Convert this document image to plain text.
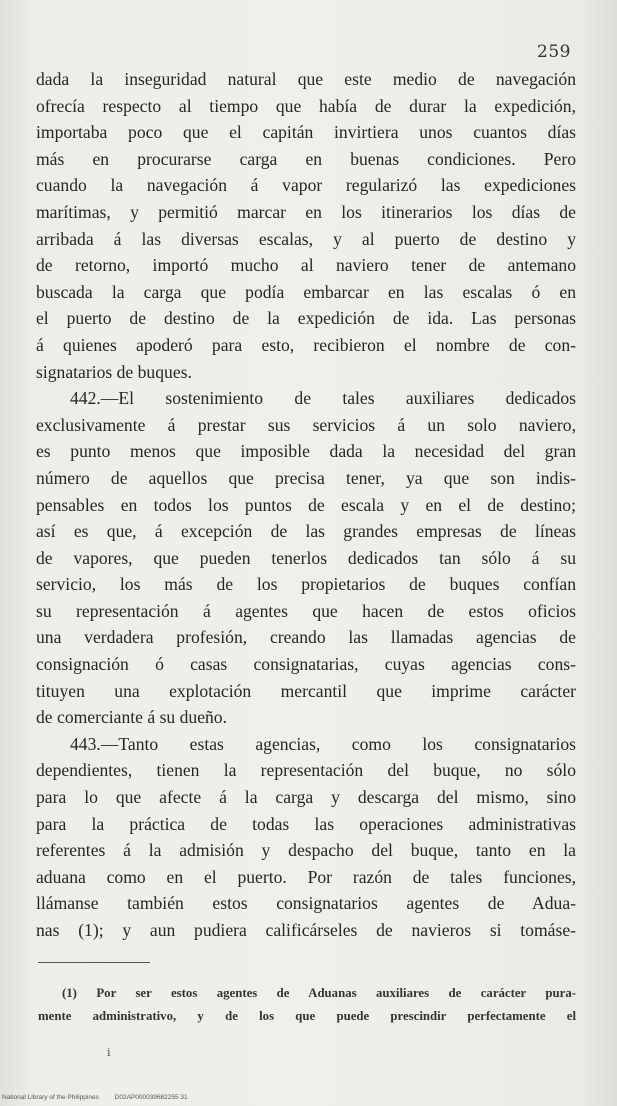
259
dada la inseguridad natural que este medio de navegación
ofrecía respecto al tiempo que había de durar la expedición,
importaba poco que el capitán invirtiera unos cuantos días
más en procurarse carga en buenas condiciones. Pero
cuando la navegación á vapor regularizó las expediciones
marítimas, y permitió marcar en los itinerarios los días de
arribada á las diversas escalas, y al puerto de destino y
de retorno, importó mucho al naviero tener de antemano
buscada la carga que podía embarcar en las escalas ó en
el puerto de destino de la expedición de ida. Las personas
á quienes apoderó para esto, recibieron el nombre de con-
signatarios de buques.
442.—El sostenimiento de tales auxiliares dedicados
exclusivamente á prestar sus servicios á un solo naviero,
es punto menos que imposible dada la necesidad del gran
número de aquellos que precisa tener, ya que son indis-
pensables en todos los puntos de escala y en el de destino;
así es que, á excepción de las grandes empresas de líneas
de vapores, que pueden tenerlos dedicados tan sólo á su
servicio, los más de los propietarios de buques confían
su representación á agentes que hacen de estos oficios
una verdadera profesión, creando las llamadas agencias de
consignación ó casas consignatarias, cuyas agencias cons-
tituyen una explotación mercantil que imprime carácter
de comerciante á su dueño.
443.—Tanto estas agencias, como los consignatarios
dependientes, tienen la representación del buque, no sólo
para lo que afecte á la carga y descarga del mismo, sino
para la práctica de todas las operaciones administrativas
referentes á la admisión y despacho del buque, tanto en la
aduana como en el puerto. Por razón de tales funciones,
llámanse también estos consignatarios agentes de Adua-
nas (1); y aun pudiera calificárseles de navieros si tomáse-
(1) Por ser estos agentes de Aduanas auxiliares de carácter pura-
mente administrativo, y de los que puede prescindir perfectamente el
i
National Library of the Philippines D02AP000039682255 31
